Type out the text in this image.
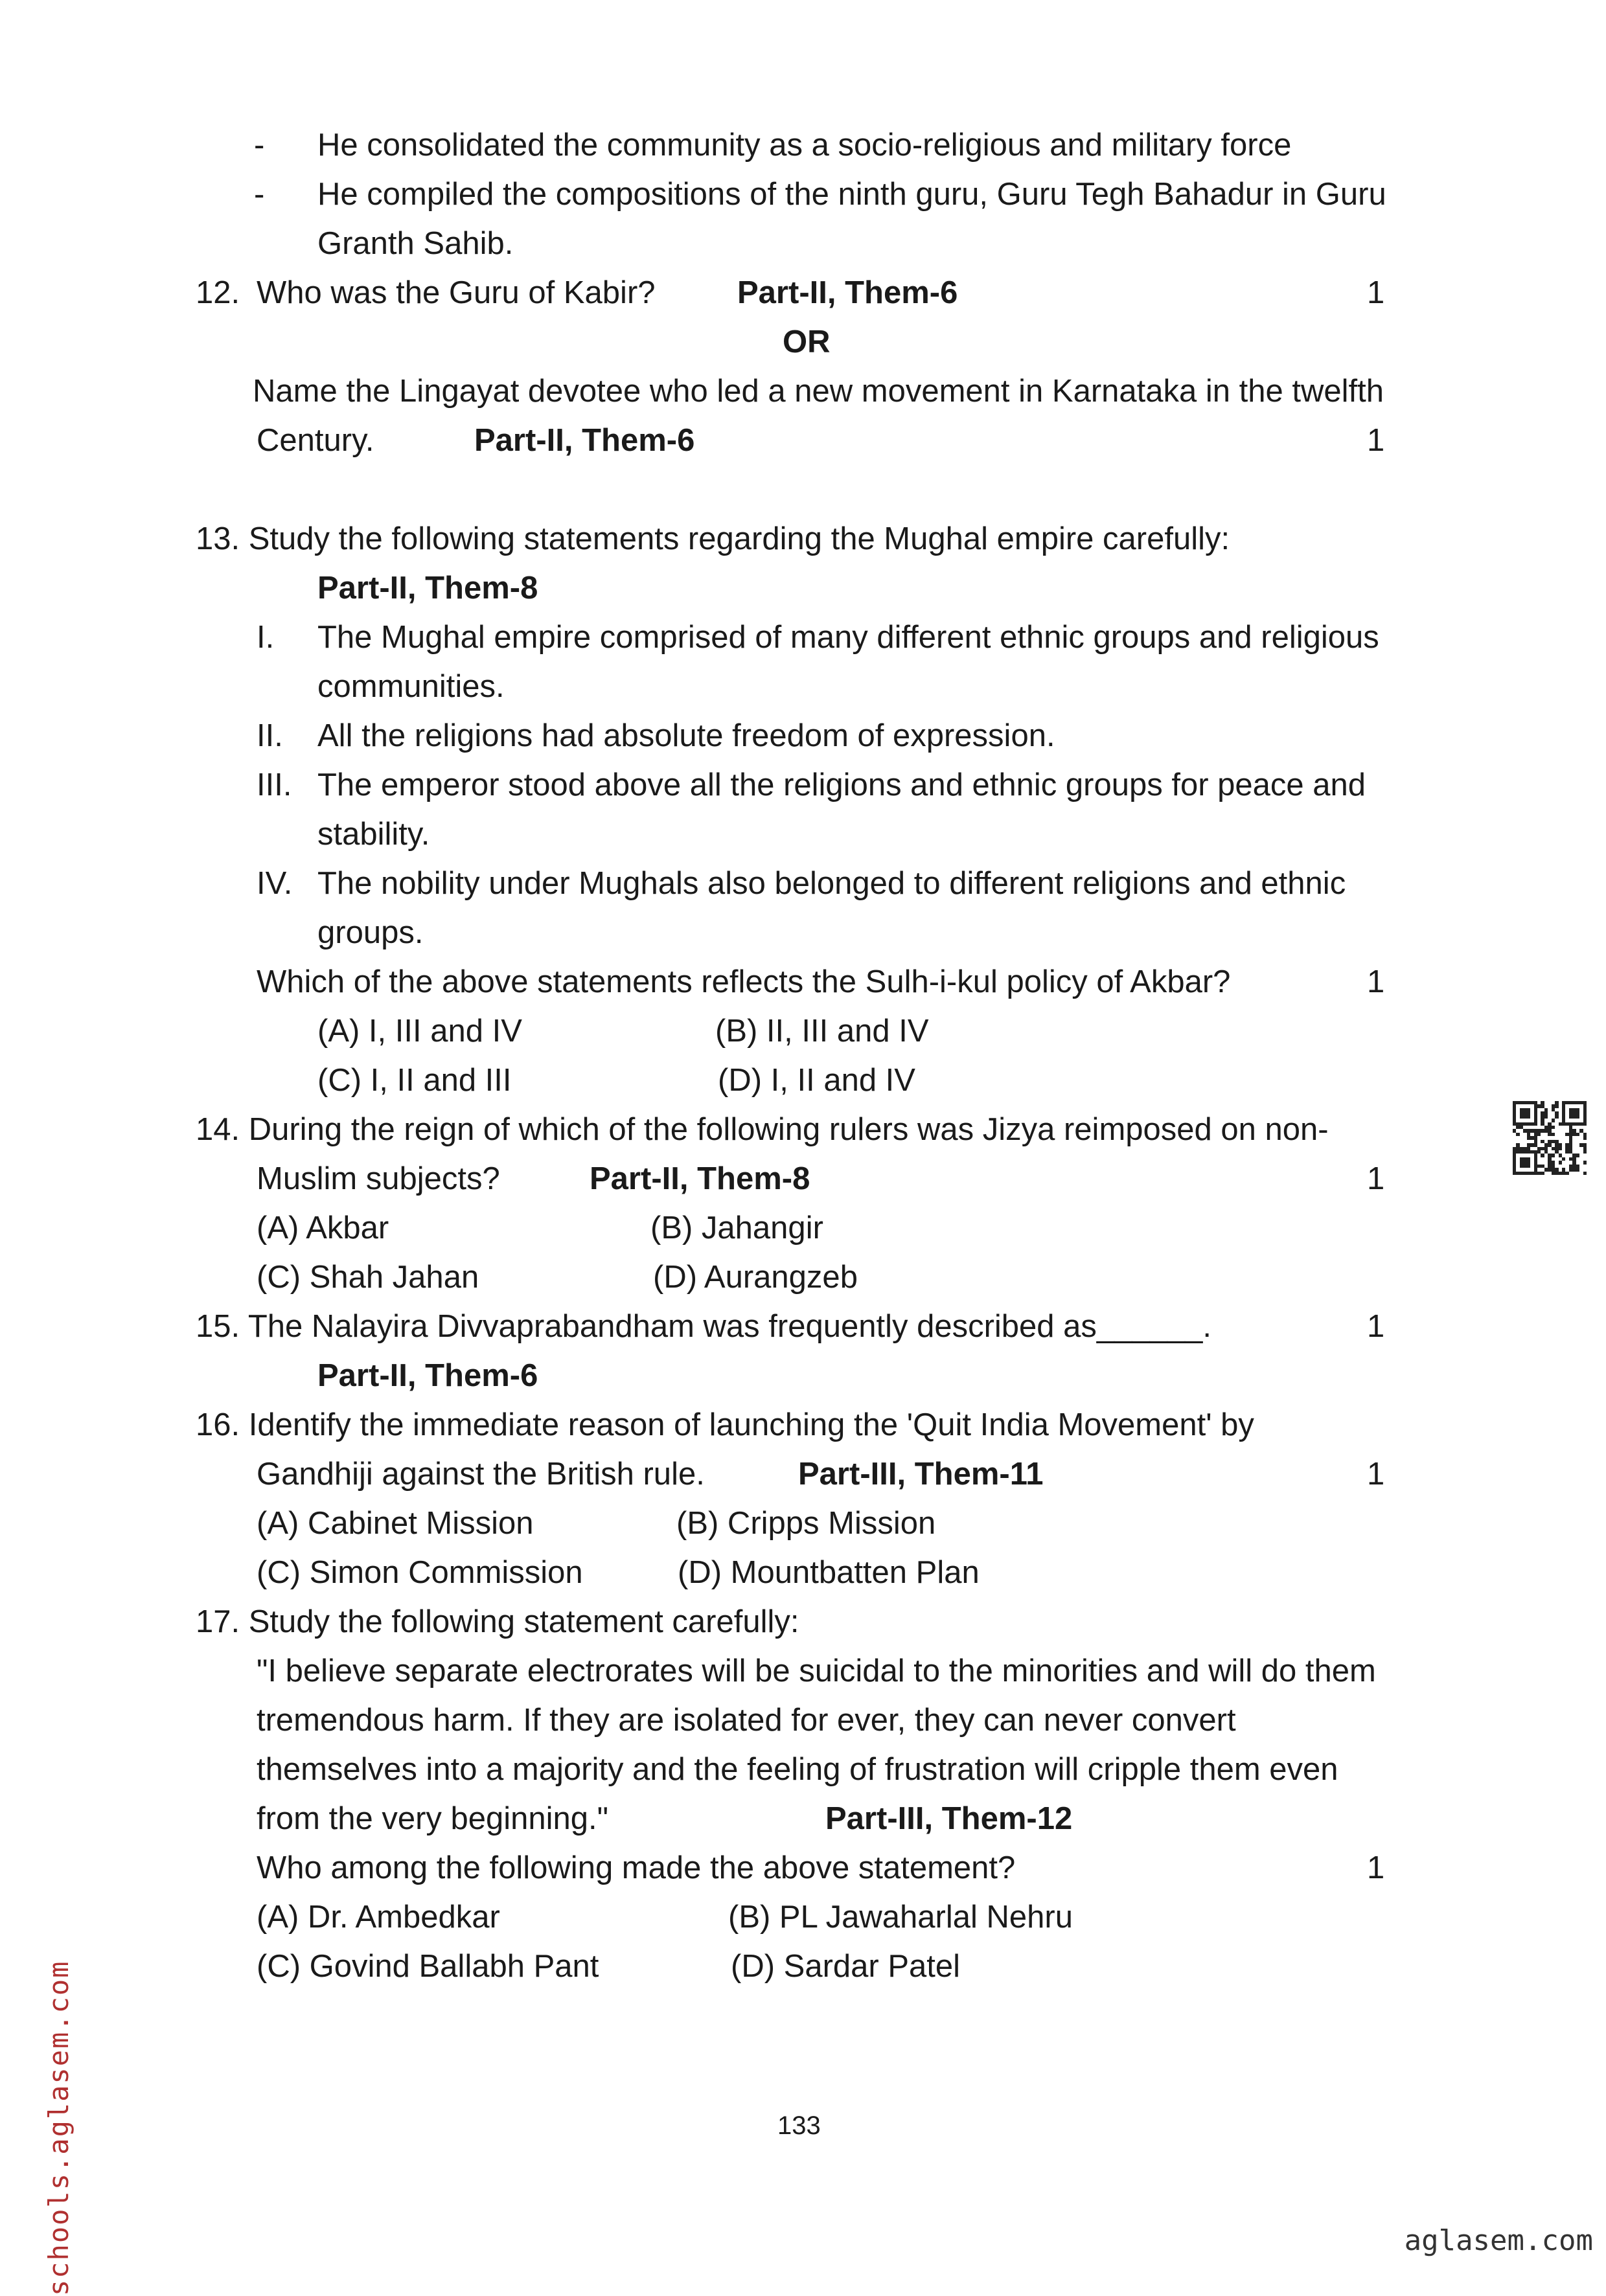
- He consolidated the community as a socio-religious and military force
- He compiled the compositions of the ninth guru, Guru Tegh Bahadur in Guru
Granth Sahib.
12. Who was the Guru of Kabir?	Part-II, Them-6	1
OR
Name the Lingayat devotee who led a new movement in Karnataka in the twelfth
Century.	Part-II, Them-6	1
13. Study the following statements regarding the Mughal empire carefully:
Part-II, Them-8
I. The Mughal empire comprised of many different ethnic groups and religious
communities.
II. All the religions had absolute freedom of expression.
III. The emperor stood above all the religions and ethnic groups for peace and
stability.
IV. The nobility under Mughals also belonged to different religions and ethnic
groups.
Which of the above statements reflects the Sulh-i-kul policy of Akbar?	1
(A) I, III and IV	(B) II, III and IV
(C) I, II and III	(D) I, II and IV
14. During the reign of which of the following rulers was Jizya reimposed on non-
Muslim subjects?	Part-II, Them-8	1
(A) Akbar	(B) Jahangir
(C) Shah Jahan	(D) Aurangzeb
15. The Nalayira Divvaprabandham was frequently described as______.	1
Part-II, Them-6
16. Identify the immediate reason of launching the 'Quit India Movement' by
Gandhiji against the British rule.	Part-III, Them-11	1
(A) Cabinet Mission	(B) Cripps Mission
(C) Simon Commission	(D) Mountbatten Plan
17. Study the following statement carefully:
"I believe separate electrorates will be suicidal to the minorities and will do them
tremendous harm. If they are isolated for ever, they can never convert
themselves into a majority and the feeling of frustration will cripple them even
from the very beginning."	Part-III, Them-12
Who among the following made the above statement?	1
(A) Dr. Ambedkar	(B) PL Jawaharlal Nehru
(C) Govind Ballabh Pant	(D) Sardar Patel
133
schools.aglasem.com	aglasem.com
